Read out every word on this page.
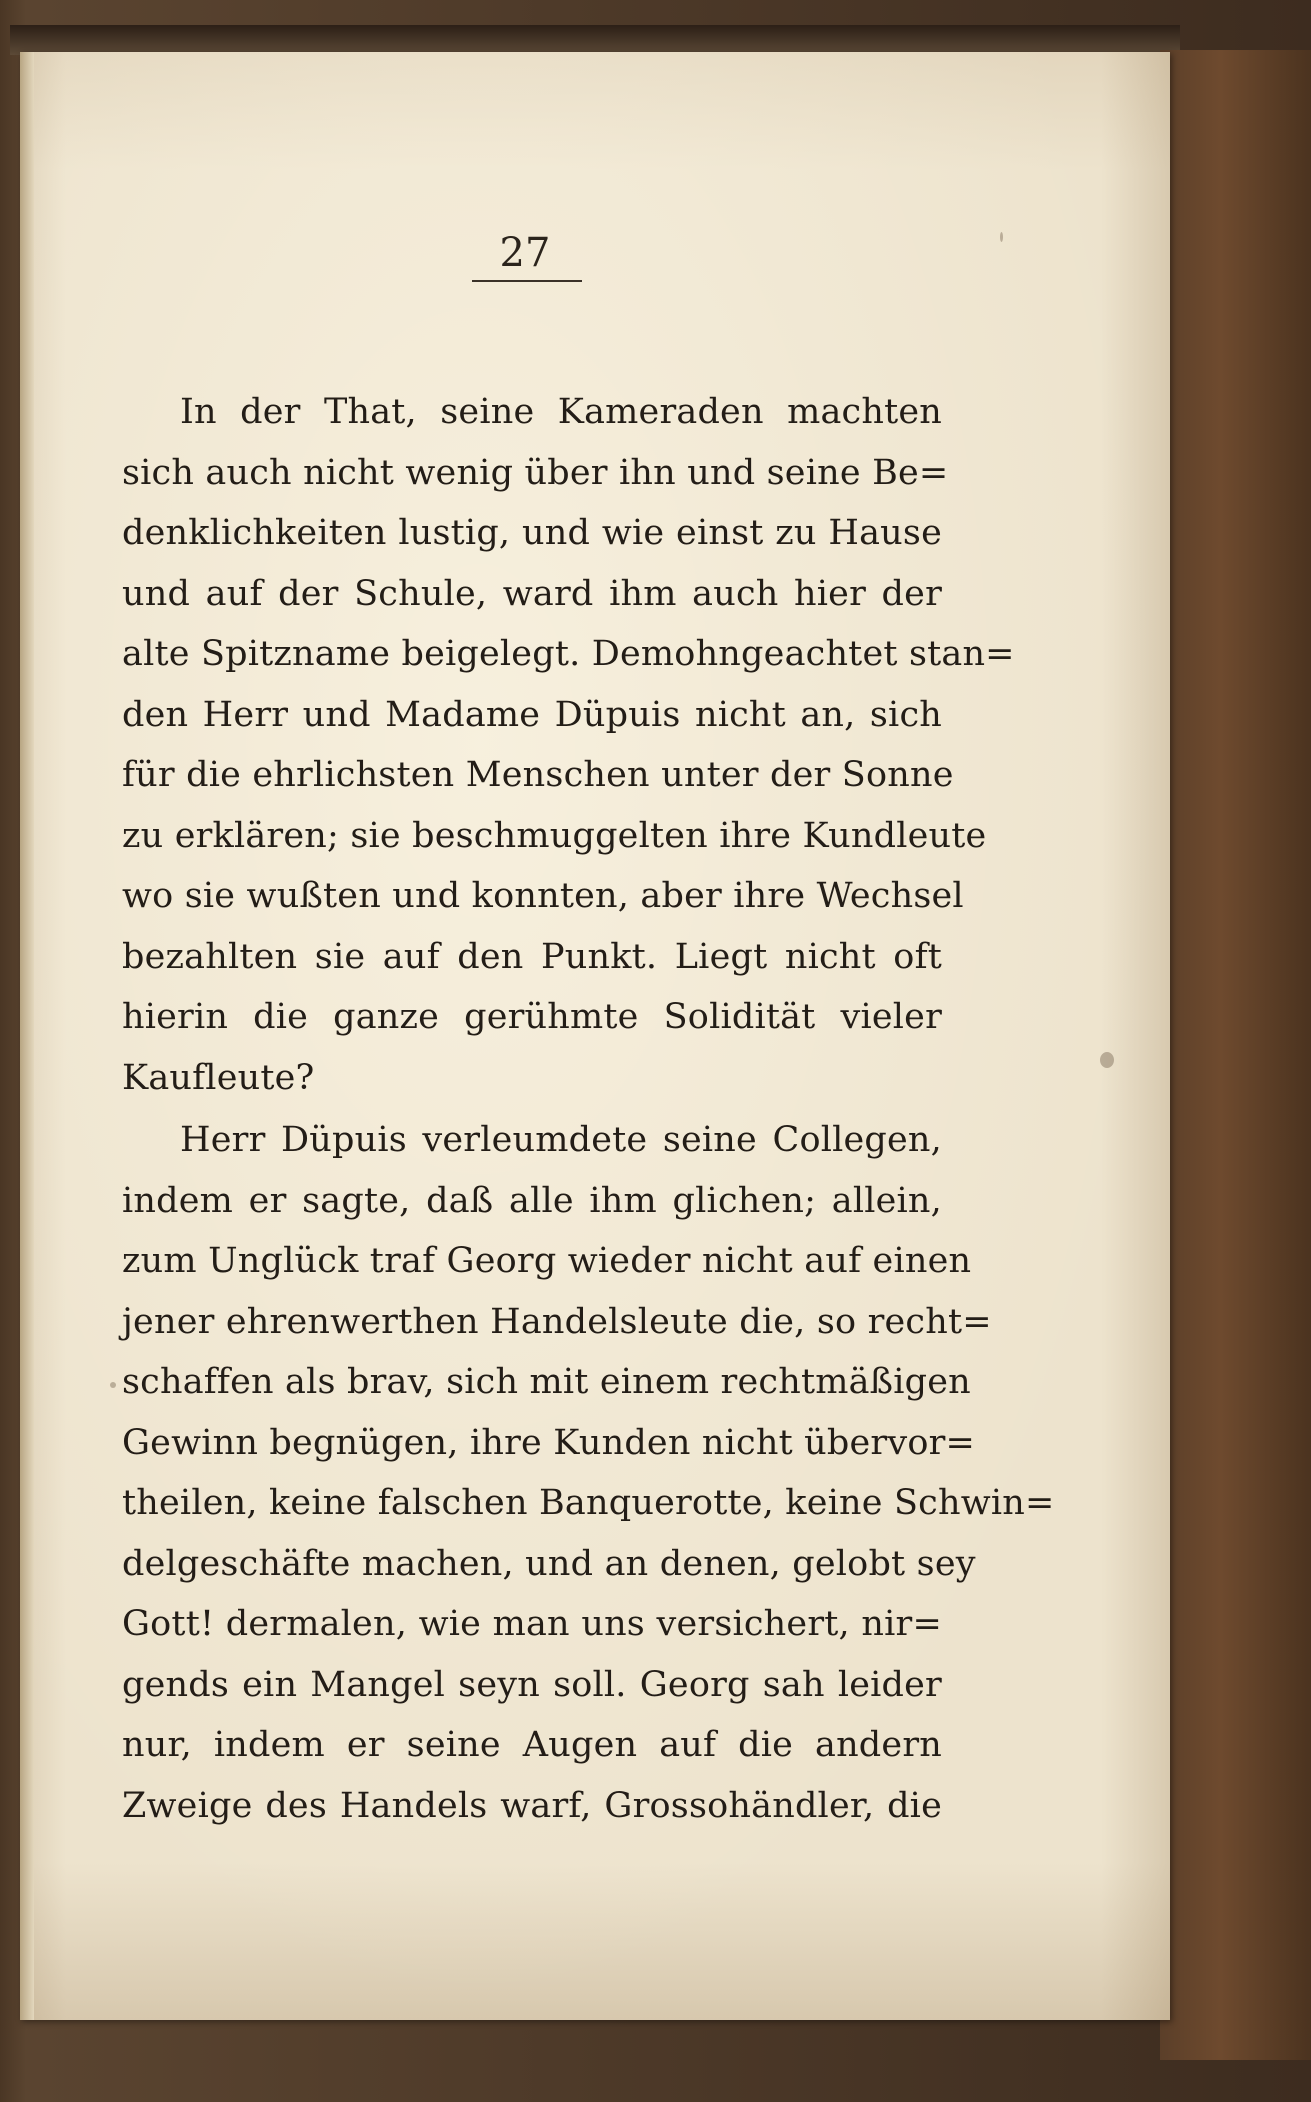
27
In der That, seine Kameraden machten
sich auch nicht wenig über ihn und seine Be=
denklichkeiten lustig, und wie einst zu Hause
und auf der Schule, ward ihm auch hier der
alte Spitzname beigelegt. Demohngeachtet stan=
den Herr und Madame Düpuis nicht an, sich
für die ehrlichsten Menschen unter der Sonne
zu erklären; sie beschmuggelten ihre Kundleute
wo sie wußten und konnten, aber ihre Wechsel
bezahlten sie auf den Punkt. Liegt nicht oft
hierin die ganze gerühmte Solidität vieler
Kaufleute?
Herr Düpuis verleumdete seine Collegen,
indem er sagte, daß alle ihm glichen; allein,
zum Unglück traf Georg wieder nicht auf einen
jener ehrenwerthen Handelsleute die, so recht=
schaffen als brav, sich mit einem rechtmäßigen
Gewinn begnügen, ihre Kunden nicht übervor=
theilen, keine falschen Banquerotte, keine Schwin=
delgeschäfte machen, und an denen, gelobt sey
Gott! dermalen, wie man uns versichert, nir=
gends ein Mangel seyn soll. Georg sah leider
nur, indem er seine Augen auf die andern
Zweige des Handels warf, Grossohändler, die
